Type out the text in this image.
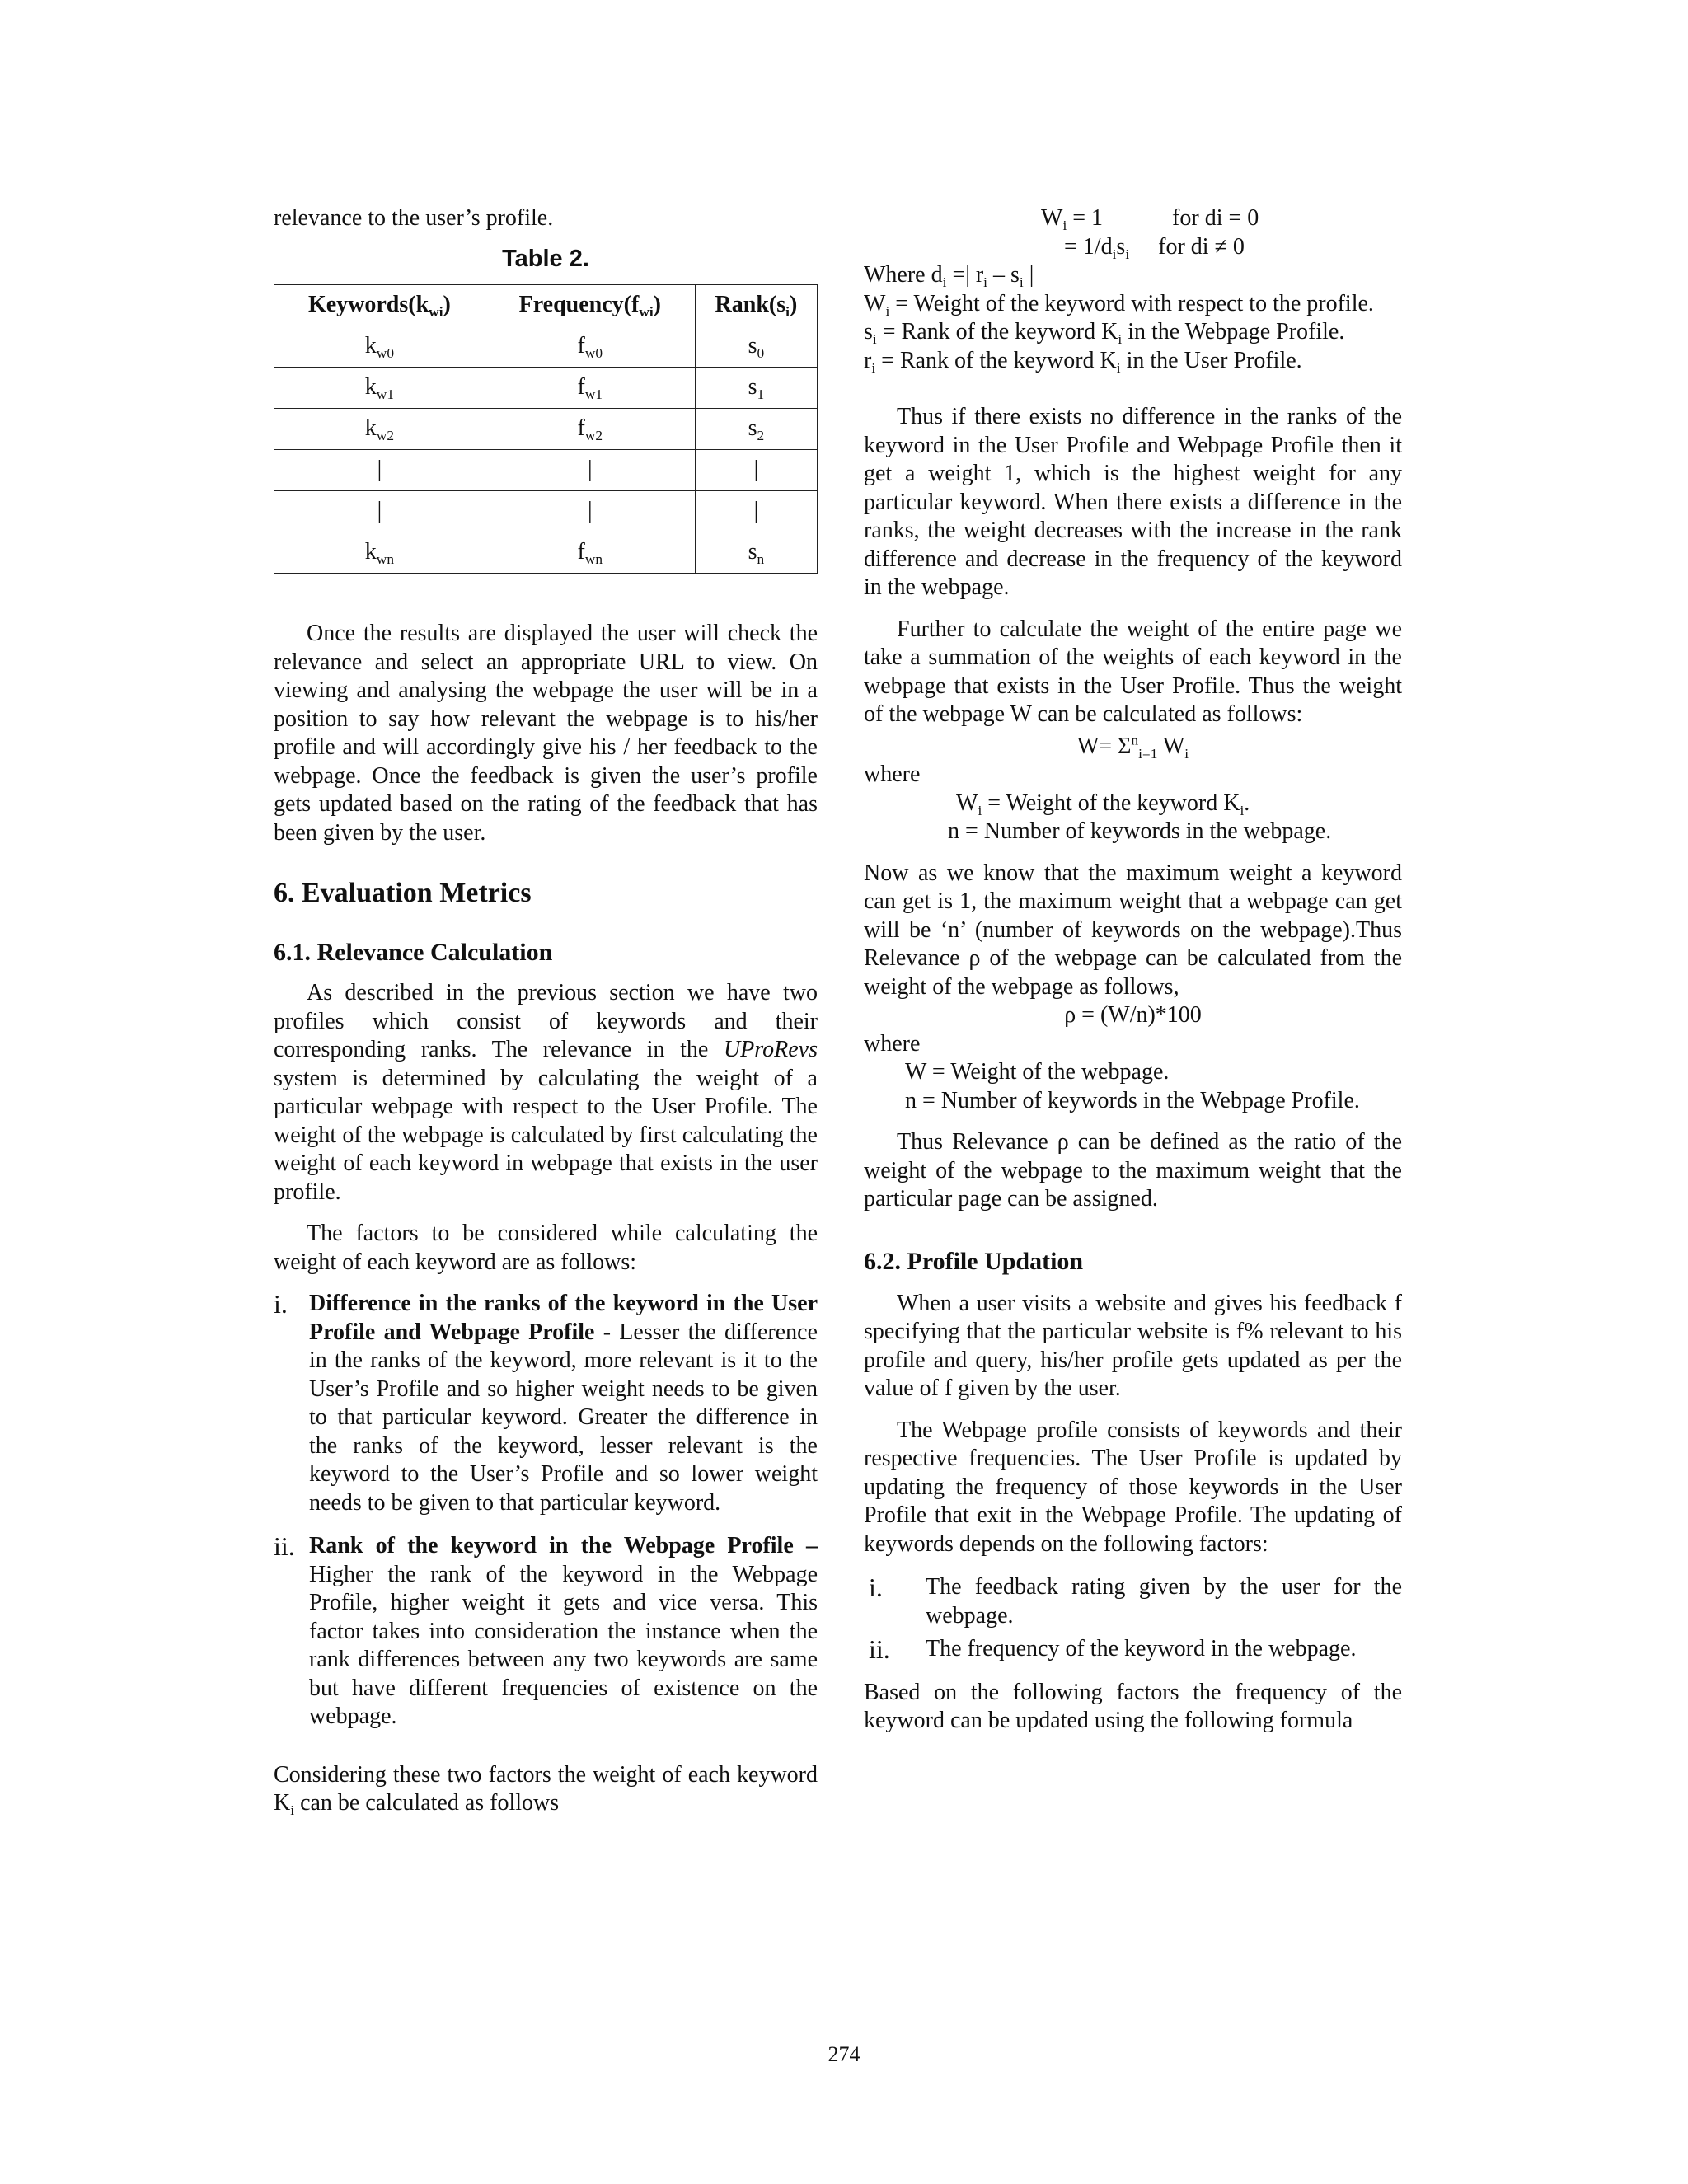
relevance to the user’s profile.

Table 2.
$Keywords(k_{wi})$	$Frequency(f_{wi})$	$Rank(s_i)$
$k_{w0}$	$f_{w0}$	$s_0$
$k_{w1}$	$f_{w1}$	$s_1$
$k_{w2}$	$f_{w2}$	$s_2$
|	|	|
|	|	|
$k_{wn}$	$f_{wn}$	$s_n$

Once the results are displayed the user will check the relevance and select an appropriate URL to view. On viewing and analysing the webpage the user will be in a position to say how relevant the webpage is to his/her profile and will accordingly give his / her feedback to the webpage. Once the feedback is given the user’s profile gets updated based on the rating of the feedback that has been given by the user.

6. Evaluation Metrics
6.1. Relevance Calculation

As described in the previous section we have two profiles which consist of keywords and their corresponding ranks. The relevance in the UProRevs system is determined by calculating the weight of a particular webpage with respect to the User Profile. The weight of the webpage is calculated by first calculating the weight of each keyword in webpage that exists in the user profile.

The factors to be considered while calculating the weight of each keyword are as follows:

i. Difference in the ranks of the keyword in the User Profile and Webpage Profile - Lesser the difference in the ranks of the keyword, more relevant is it to the User’s Profile and so higher weight needs to be given to that particular keyword. Greater the difference in the ranks of the keyword, lesser relevant is the keyword to the User’s Profile and so lower weight needs to be given to that particular keyword.
ii. Rank of the keyword in the Webpage Profile – Higher the rank of the keyword in the Webpage Profile, higher weight it gets and vice versa. This factor takes into consideration the instance when the rank differences between any two keywords are same but have different frequencies of existence on the webpage.

Considering these two factors the weight of each keyword $K_i$ can be calculated as follows

$W_i = 1$            for di = 0

= $1/d_is_i$     for di ≠ 0

Where $d_i$ =| $r_i - s_i$ |

$W_i$ = Weight of the keyword with respect to the profile.

$s_i$ = Rank of the keyword $K_i$ in the Webpage Profile.

$r_i$ = Rank of the keyword $K_i$ in the User Profile.

Thus if there exists no difference in the ranks of the keyword in the User Profile and Webpage Profile then it get a weight 1, which is the highest weight for any particular keyword. When there exists a difference in the ranks, the weight decreases with the increase in the rank difference and decrease in the frequency of the keyword in the webpage.

Further to calculate the weight of the entire page we take a summation of the weights of each keyword in the webpage that exists in the User Profile. Thus the weight of the webpage W can be calculated as follows:

$W= \Sigma^n_{i=1}$ $W_i$

where

$W_i$ = Weight of the keyword $K_i$.

n = Number of keywords in the webpage.

Now as we know that the maximum weight a keyword can get is 1, the maximum weight that a webpage can get will be ‘n’ (number of keywords on the webpage).Thus Relevance ρ of the webpage can be calculated from the weight of the webpage as follows,

ρ = (W/n)*100

where

W = Weight of the webpage.

n = Number of keywords in the Webpage Profile.

Thus Relevance ρ can be defined as the ratio of the weight of the webpage to the maximum weight that the particular page can be assigned.

6.2. Profile Updation

When a user visits a website and gives his feedback f specifying that the particular website is f% relevant to his profile and query, his/her profile gets updated as per the value of f given by the user.

The Webpage profile consists of keywords and their respective frequencies. The User Profile is updated by updating the frequency of those keywords in the User Profile that exit in the Webpage Profile. The updating of keywords depends on the following factors:

i. The feedback rating given by the user for the webpage.
ii. The frequency of the keyword in the webpage.

Based on the following factors the frequency of the keyword can be updated using the following formula

274
